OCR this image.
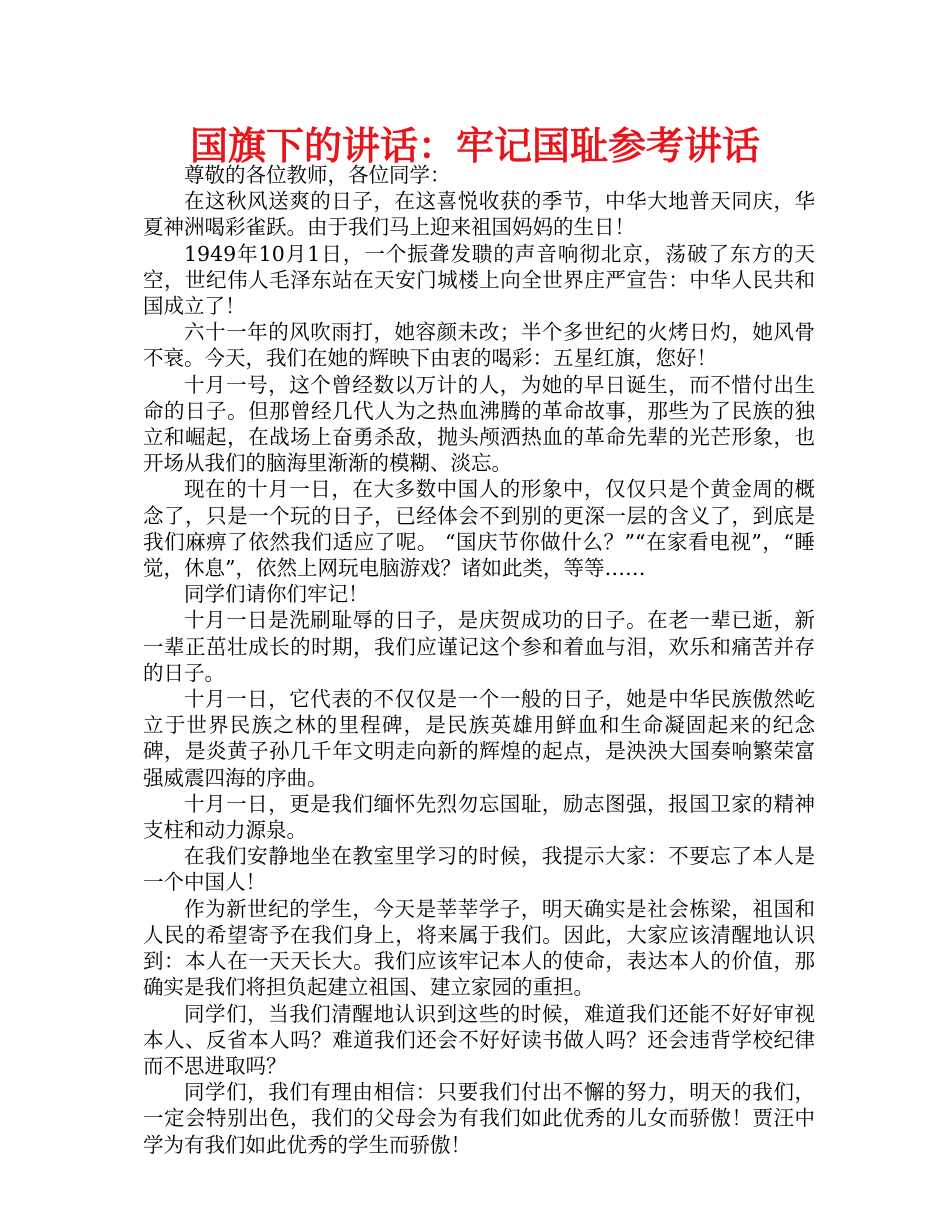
国旗下的讲话：牢记国耻参考讲话

尊敬的各位教师，各位同学：

在这秋风送爽的日子，在这喜悦收获的季节，中华大地普天同庆，华夏神洲喝彩雀跃。由于我们马上迎来祖国妈妈的生日！

1949年10月1日，一个振聋发聩的声音响彻北京，荡破了东方的天空，世纪伟人毛泽东站在天安门城楼上向全世界庄严宣告：中华人民共和国成立了！

六十一年的风吹雨打，她容颜未改；半个多世纪的火烤日灼，她风骨不衰。今天，我们在她的辉映下由衷的喝彩：五星红旗，您好！

十月一号，这个曾经数以万计的人，为她的早日诞生，而不惜付出生命的日子。但那曾经几代人为之热血沸腾的革命故事，那些为了民族的独立和崛起，在战场上奋勇杀敌，抛头颅洒热血的革命先辈的光芒形象，也开场从我们的脑海里渐渐的模糊、淡忘。

现在的十月一日，在大多数中国人的形象中，仅仅只是个黄金周的概念了，只是一个玩的日子，已经体会不到别的更深一层的含义了，到底是我们麻痹了依然我们适应了呢。 “国庆节你做什么？”“在家看电视”，“睡觉，休息”，依然上网玩电脑游戏？诸如此类，等等……

同学们请你们牢记！

十月一日是洗刷耻辱的日子，是庆贺成功的日子。在老一辈已逝，新一辈正茁壮成长的时期，我们应谨记这个参和着血与泪，欢乐和痛苦并存的日子。

十月一日，它代表的不仅仅是一个一般的日子，她是中华民族傲然屹立于世界民族之林的里程碑，是民族英雄用鲜血和生命凝固起来的纪念碑，是炎黄子孙几千年文明走向新的辉煌的起点，是泱泱大国奏响繁荣富强威震四海的序曲。

十月一日，更是我们缅怀先烈勿忘国耻，励志图强，报国卫家的精神支柱和动力源泉。

在我们安静地坐在教室里学习的时候，我提示大家：不要忘了本人是一个中国人！

作为新世纪的学生，今天是莘莘学子，明天确实是社会栋梁，祖国和人民的希望寄予在我们身上，将来属于我们。因此，大家应该清醒地认识到：本人在一天天长大。我们应该牢记本人的使命，表达本人的价值，那确实是我们将担负起建立祖国、建立家园的重担。

同学们，当我们清醒地认识到这些的时候，难道我们还能不好好审视本人、反省本人吗？难道我们还会不好好读书做人吗？还会违背学校纪律而不思进取吗？

同学们，我们有理由相信：只要我们付出不懈的努力，明天的我们，一定会特别出色，我们的父母会为有我们如此优秀的儿女而骄傲！贾汪中学为有我们如此优秀的学生而骄傲！
